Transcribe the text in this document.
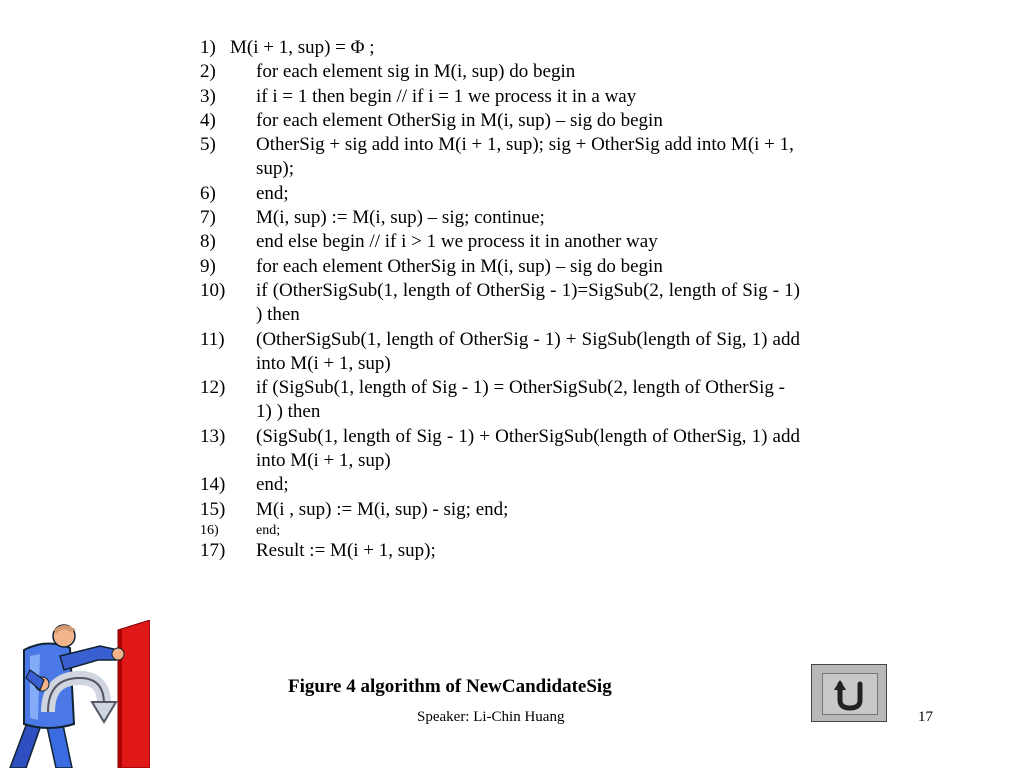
1) M(i + 1, sup) = Φ ;
2) for each element sig in M(i, sup) do begin
3) if i = 1 then begin // if i = 1 we process it in a way
4) for each element OtherSig in M(i, sup) – sig do begin
5) OtherSig + sig add into M(i + 1, sup); sig + OtherSig add into M(i + 1, sup);
6) end;
7) M(i, sup) := M(i, sup) – sig; continue;
8) end else begin // if i > 1 we process it in another way
9) for each element OtherSig in M(i, sup) – sig do begin
10) if (OtherSigSub(1, length of OtherSig - 1)=SigSub(2, length of Sig - 1) ) then
11) (OtherSigSub(1, length of OtherSig - 1) + SigSub(length of Sig, 1) add into M(i + 1, sup)
12) if (SigSub(1, length of Sig - 1) = OtherSigSub(2, length of OtherSig - 1) ) then
13) (SigSub(1, length of Sig - 1) + OtherSigSub(length of OtherSig, 1) add into M(i + 1, sup)
14) end;
15) M(i , sup) := M(i, sup) - sig; end;
16)	end;
17) Result := M(i + 1, sup);
Figure 4 algorithm of NewCandidateSig
Speaker: Li-Chin Huang	17
